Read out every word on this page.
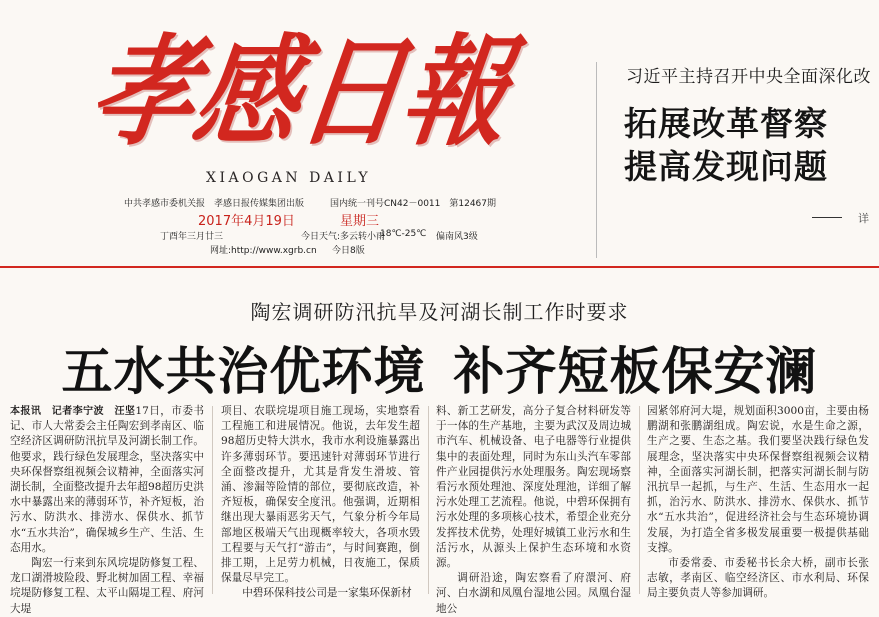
孝
感
日
報
XIAOGAN DAILY
中共孝感市委机关报　孝感日报传媒集团出版	国内统一刊号CN42－0011　第12467期
2017年4月19日	星期三
丁酉年三月廿三	今日天气:多云转小雨
18℃-25℃ 偏南风3级
网址:http://www.xgrb.cn 今日8版
习近平主持召开中央全面深化改
拓展改革督察
提高发现问题
详
陶宏调研防汛抗旱及河湖长制工作时要求
五水共治优环境 补齐短板保安澜

本报讯　记者李宁波　汪坚17日，市委书记、市人大常委会主任陶宏到孝南区、临空经济区调研防汛抗旱及河湖长制工作。他要求，践行绿色发展理念，坚决落实中央环保督察组视频会议精神，全面落实河湖长制，全面整改提升去年超98超历史洪水中暴露出来的薄弱环节，补齐短板，治污水、防洪水、排涝水、保供水、抓节水“五水共治”，确保城乡生产、生活、生态用水。

陶宏一行来到东风垸堤防修复工程、龙口湖滑坡险段、野北树加固工程、幸福垸堤防修复工程、太平山隔堤工程、府河大堤

项目、农联垸堤项目施工现场，实地察看工程施工和进展情况。他说，去年发生超98超历史特大洪水，我市水利设施暴露出许多薄弱环节。要迅速针对薄弱环节进行全面整改提升，尤其是背发生滑坡、管涌、渗漏等险情的部位，要彻底改造，补齐短板，确保安全度汛。他强调，近期相继出现大暴雨恶劣天气，气象分析今年局部地区极端天气出现概率较大，各项水毁工程要与天气打“游击”，与时间赛跑，倒排工期，上足劳力机械，日夜施工，保质保量尽早完工。

中碧环保科技公司是一家集环保新材

料、新工艺研发，高分子复合材料研发等于一体的生产基地，主要为武汉及周边城市汽车、机械设备、电子电器等行业提供集中的表面处理，同时为东山头汽车零部件产业园提供污水处理服务。陶宏现场察看污水预处理池、深度处理池，详细了解污水处理工艺流程。他说，中碧环保拥有污水处理的多项核心技术，希望企业充分发挥技术优势，处理好城镇工业污水和生活污水，从源头上保护生态环境和水资源。

调研沿途，陶宏察看了府澴河、府河、白水湖和凤凰台湿地公园。凤凰台湿地公

园紧邻府河大堤，规划面积3000亩，主要由杨鹏湖和张鹏湖组成。陶宏说，水是生命之源，生产之要、生态之基。我们要坚决践行绿色发展理念，坚决落实中央环保督察组视频会议精神，全面落实河湖长制，把落实河湖长制与防汛抗旱一起抓，与生产、生活、生态用水一起抓，治污水、防洪水、排涝水、保供水、抓节水“五水共治”，促进经济社会与生态环境协调发展，为打造全省多极发展重要一极提供基础支撑。

市委常委、市委秘书长余大桥，副市长张志敏，孝南区、临空经济区、市水利局、环保局主要负责人等参加调研。
